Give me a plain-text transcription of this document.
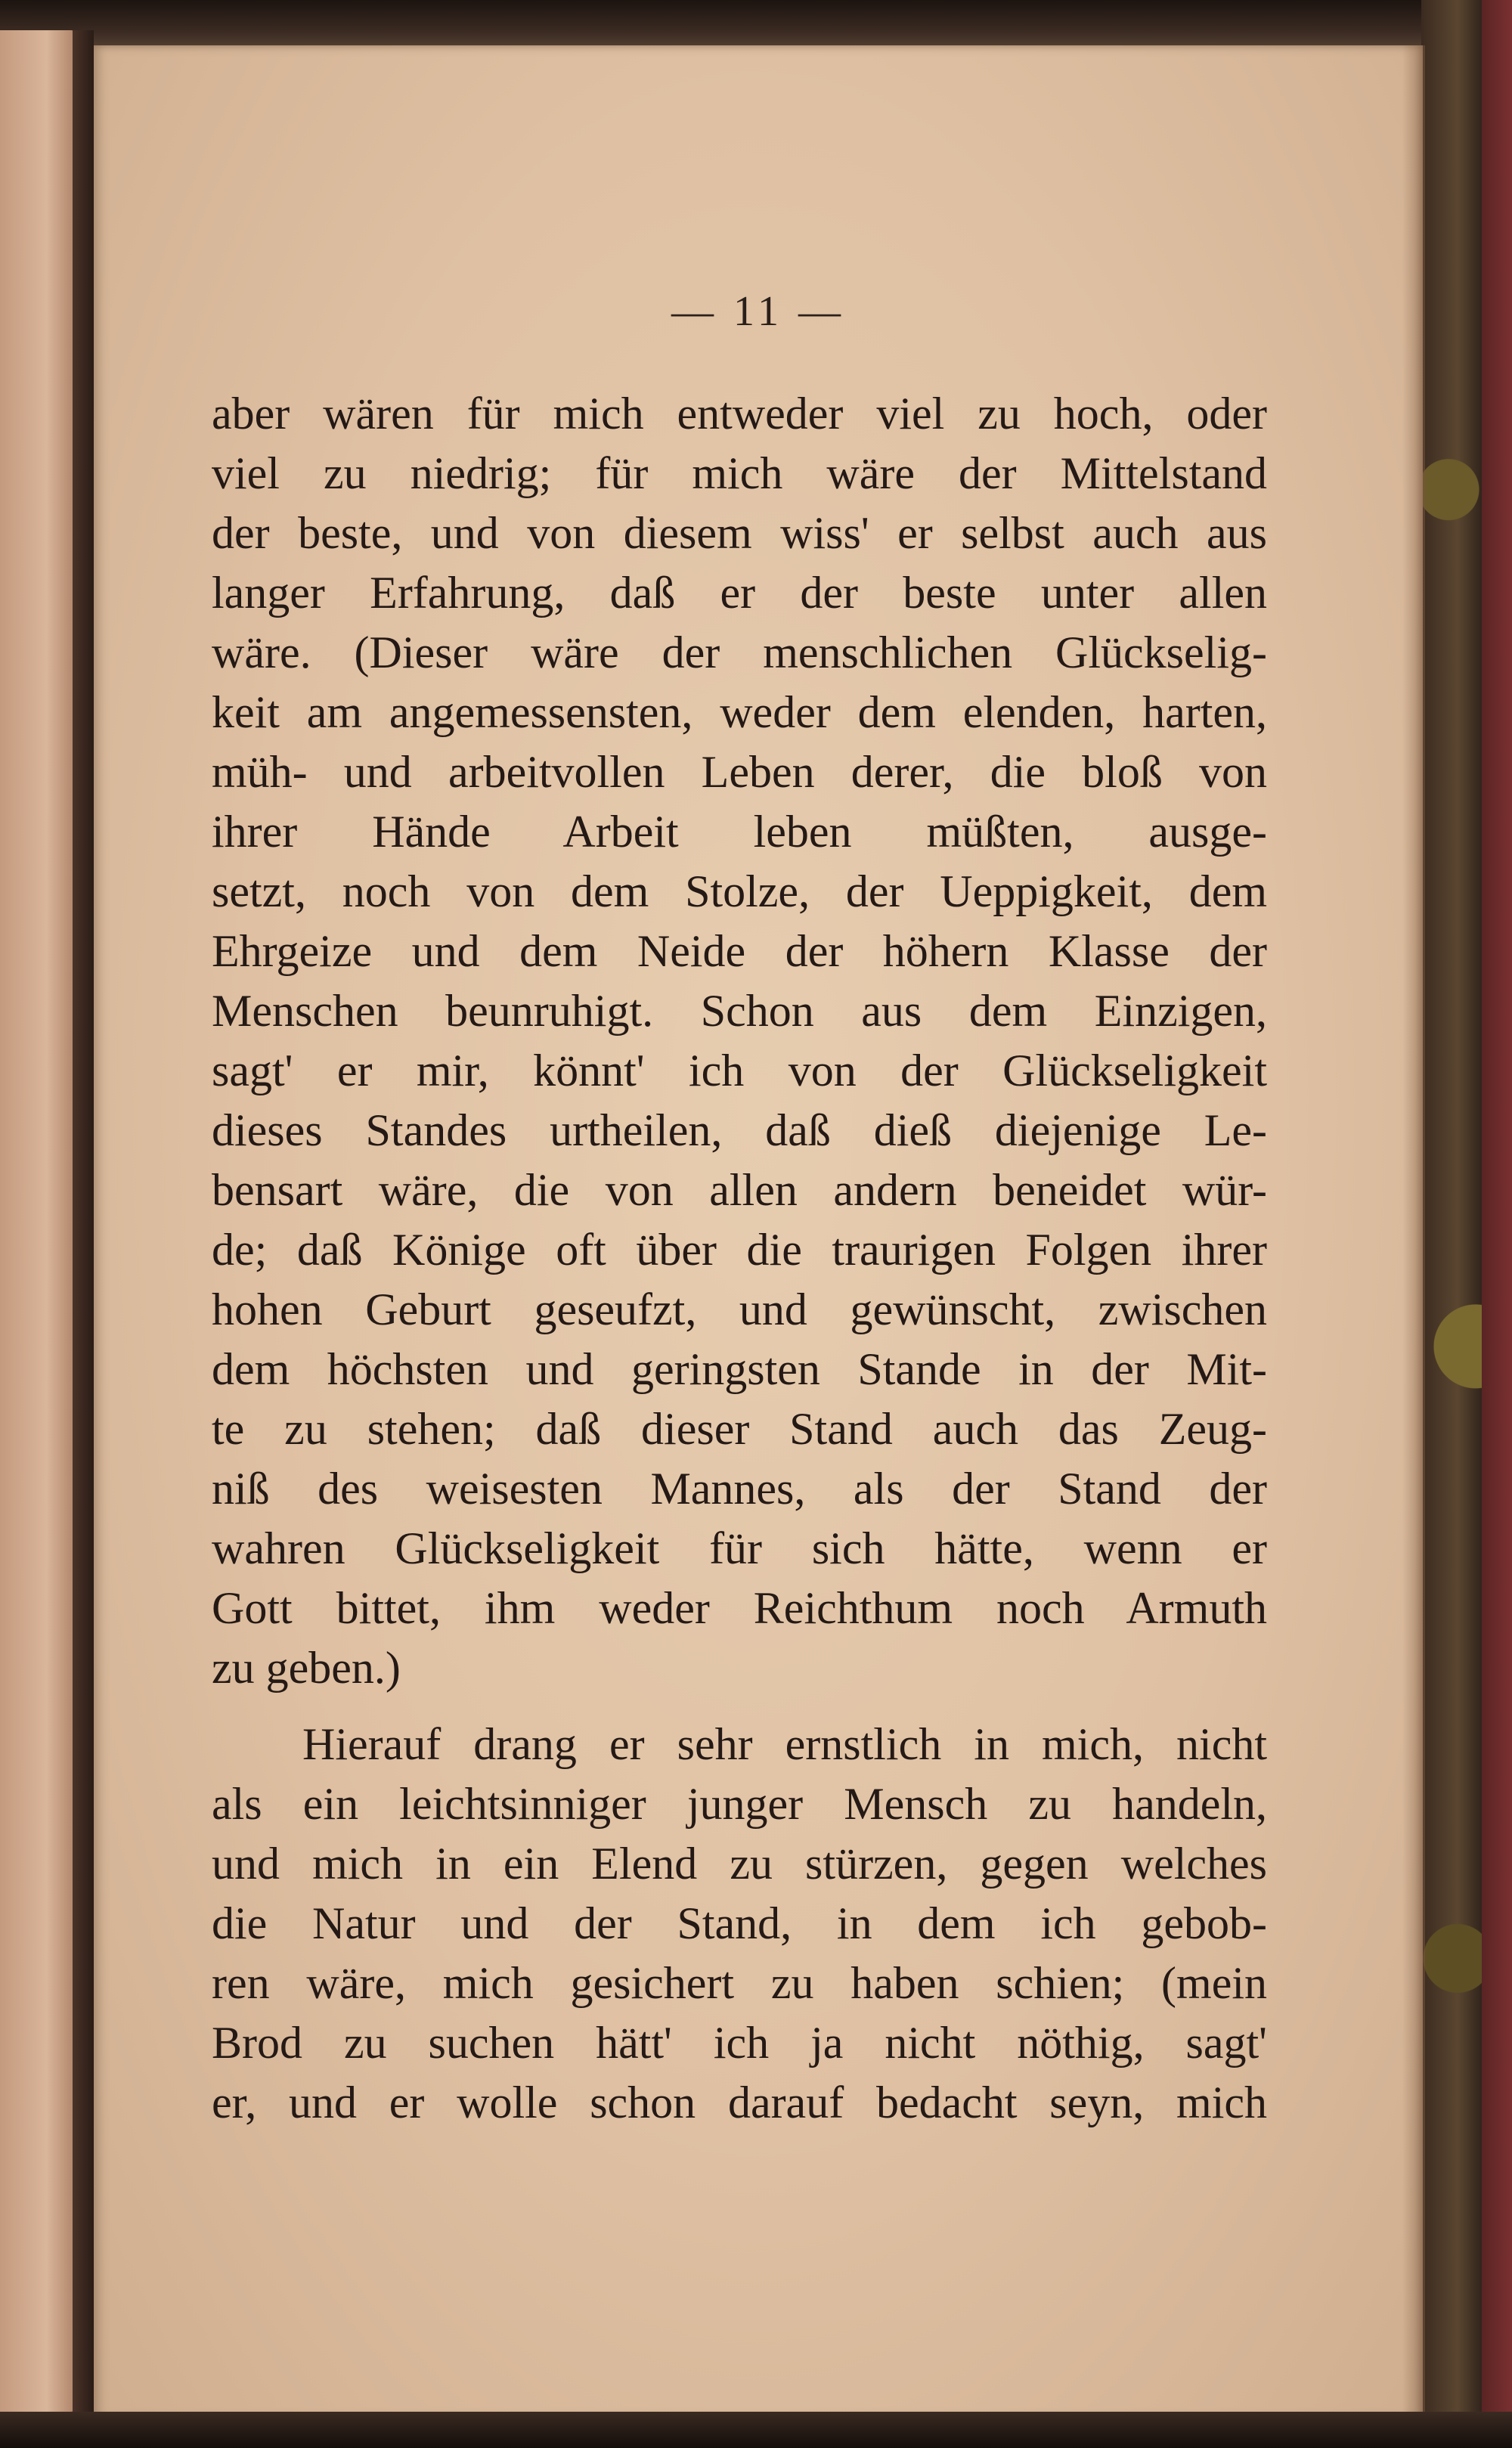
— 11 —
aber wären für mich entweder viel zu hoch, oder
viel zu niedrig; für mich wäre der Mittelstand
der beste, und von diesem wiss' er selbst auch aus
langer Erfahrung, daß er der beste unter allen
wäre. (Dieser wäre der menschlichen Glückselig-
keit am angemessensten, weder dem elenden, harten,
müh- und arbeitvollen Leben derer, die bloß von
ihrer Hände Arbeit leben müßten, ausge-
setzt, noch von dem Stolze, der Ueppigkeit, dem
Ehrgeize und dem Neide der höhern Klasse der
Menschen beunruhigt. Schon aus dem Einzigen,
sagt' er mir, könnt' ich von der Glückseligkeit
dieses Standes urtheilen, daß dieß diejenige Le-
bensart wäre, die von allen andern beneidet wür-
de; daß Könige oft über die traurigen Folgen ihrer
hohen Geburt geseufzt, und gewünscht, zwischen
dem höchsten und geringsten Stande in der Mit-
te zu stehen; daß dieser Stand auch das Zeug-
niß des weisesten Mannes, als der Stand der
wahren Glückseligkeit für sich hätte, wenn er
Gott bittet, ihm weder Reichthum noch Armuth
zu geben.)
Hierauf drang er sehr ernstlich in mich, nicht
als ein leichtsinniger junger Mensch zu handeln,
und mich in ein Elend zu stürzen, gegen welches
die Natur und der Stand, in dem ich gebob-
ren wäre, mich gesichert zu haben schien; (mein
Brod zu suchen hätt' ich ja nicht nöthig, sagt'
er, und er wolle schon darauf bedacht seyn, mich
